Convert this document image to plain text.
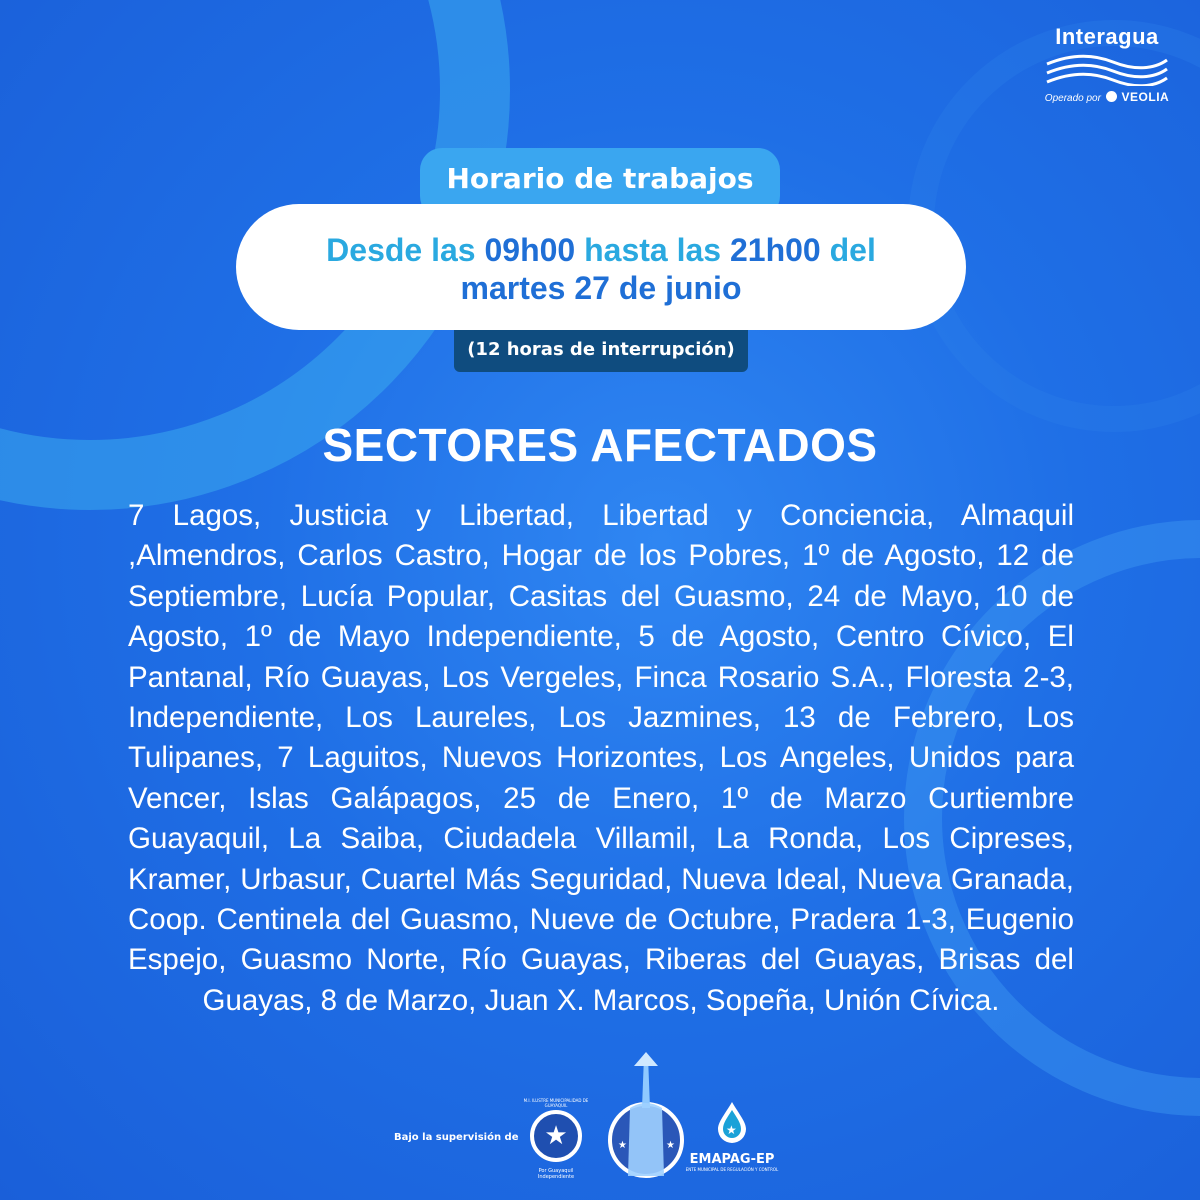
Interagua
Operado por VEOLIA
Horario de trabajos
Desde las 09h00 hasta las 21h00 del
martes 27 de junio
(12 horas de interrupción)
SECTORES AFECTADOS
7 Lagos, Justicia y Libertad, Libertad y Conciencia, Almaquil ,Almendros, Carlos Castro, Hogar de los Pobres, 1º de Agosto, 12 de Septiembre, Lucía Popular, Casitas del Guasmo, 24 de Mayo, 10 de Agosto, 1º de Mayo Independiente, 5 de Agosto, Centro Cívico, El Pantanal, Río Guayas, Los Vergeles, Finca Rosario S.A., Floresta 2-3, Independiente, Los Laureles, Los Jazmines, 13 de Febrero, Los Tulipanes, 7 Laguitos, Nuevos Horizontes, Los Angeles, Unidos para Vencer, Islas Galápagos, 25 de Enero, 1º de Marzo Curtiembre Guayaquil, La Saiba, Ciudadela Villamil, La Ronda, Los Cipreses, Kramer, Urbasur, Cuartel Más Seguridad, Nueva Ideal, Nueva Granada, Coop. Centinela del Guasmo, Nueve de Octubre, Pradera 1-3, Eugenio Espejo, Guasmo Norte, Río Guayas, Riberas del Guayas, Brisas del Guayas, 8 de Marzo, Juan X. Marcos, Sopeña, Unión Cívica.
Bajo la supervisión de
M.I. ILUSTRE MUNICIPALIDAD DE GUAYAQUIL
★
Por Guayaquil Independiente
★	★
★
EMAPAG-EP
ENTE MUNICIPAL DE REGULACIÓN Y CONTROL
